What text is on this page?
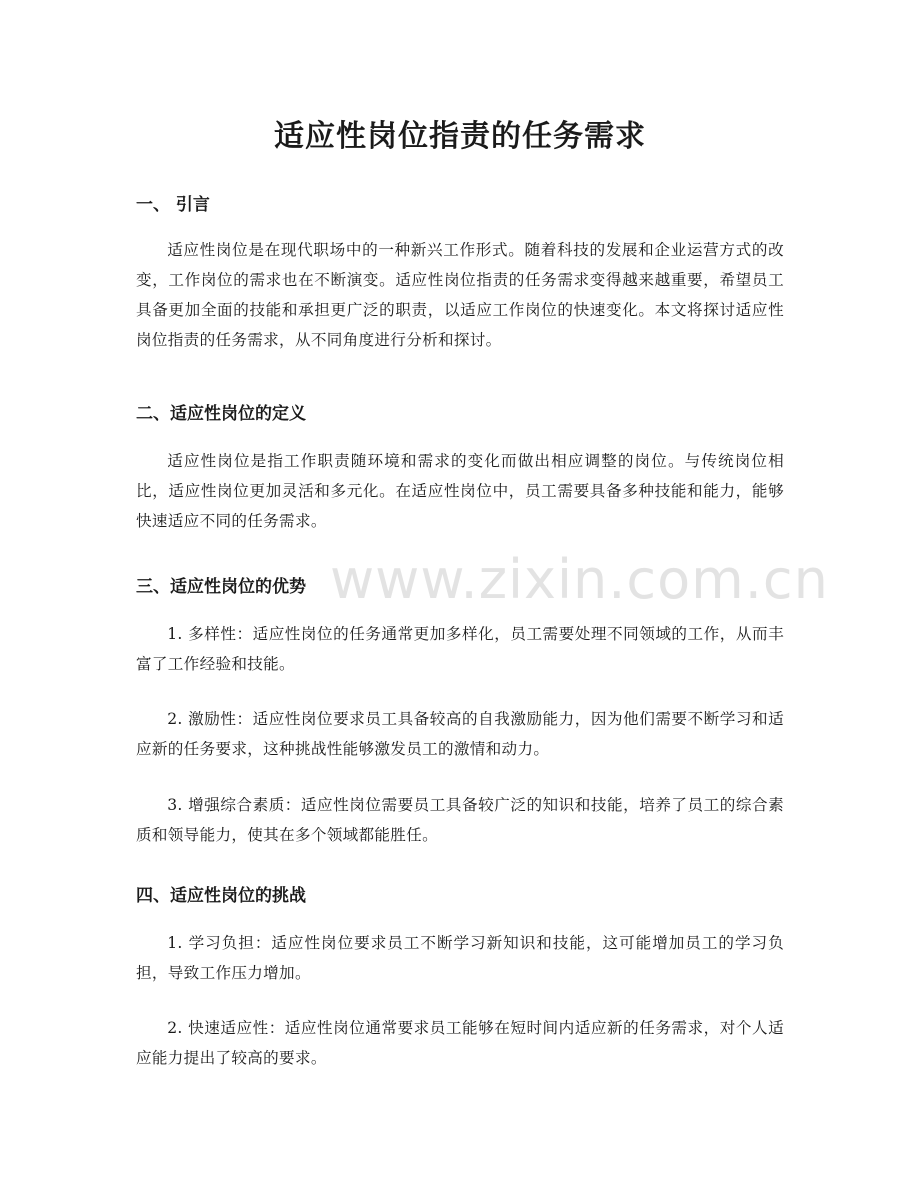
www.zixin.com.cn
适应性岗位指责的任务需求
一、 引言

适应性岗位是在现代职场中的一种新兴工作形式。随着科技的发展和企业运营方式的改变，工作岗位的需求也在不断演变。适应性岗位指责的任务需求变得越来越重要，希望员工具备更加全面的技能和承担更广泛的职责，以适应工作岗位的快速变化。本文将探讨适应性岗位指责的任务需求，从不同角度进行分析和探讨。

二、适应性岗位的定义

适应性岗位是指工作职责随环境和需求的变化而做出相应调整的岗位。与传统岗位相比，适应性岗位更加灵活和多元化。在适应性岗位中，员工需要具备多种技能和能力，能够快速适应不同的任务需求。

三、适应性岗位的优势

1. 多样性：适应性岗位的任务通常更加多样化，员工需要处理不同领域的工作，从而丰富了工作经验和技能。

2. 激励性：适应性岗位要求员工具备较高的自我激励能力，因为他们需要不断学习和适应新的任务要求，这种挑战性能够激发员工的激情和动力。

3. 增强综合素质：适应性岗位需要员工具备较广泛的知识和技能，培养了员工的综合素质和领导能力，使其在多个领域都能胜任。

四、适应性岗位的挑战

1. 学习负担：适应性岗位要求员工不断学习新知识和技能，这可能增加员工的学习负担，导致工作压力增加。

2. 快速适应性：适应性岗位通常要求员工能够在短时间内适应新的任务需求，对个人适应能力提出了较高的要求。
